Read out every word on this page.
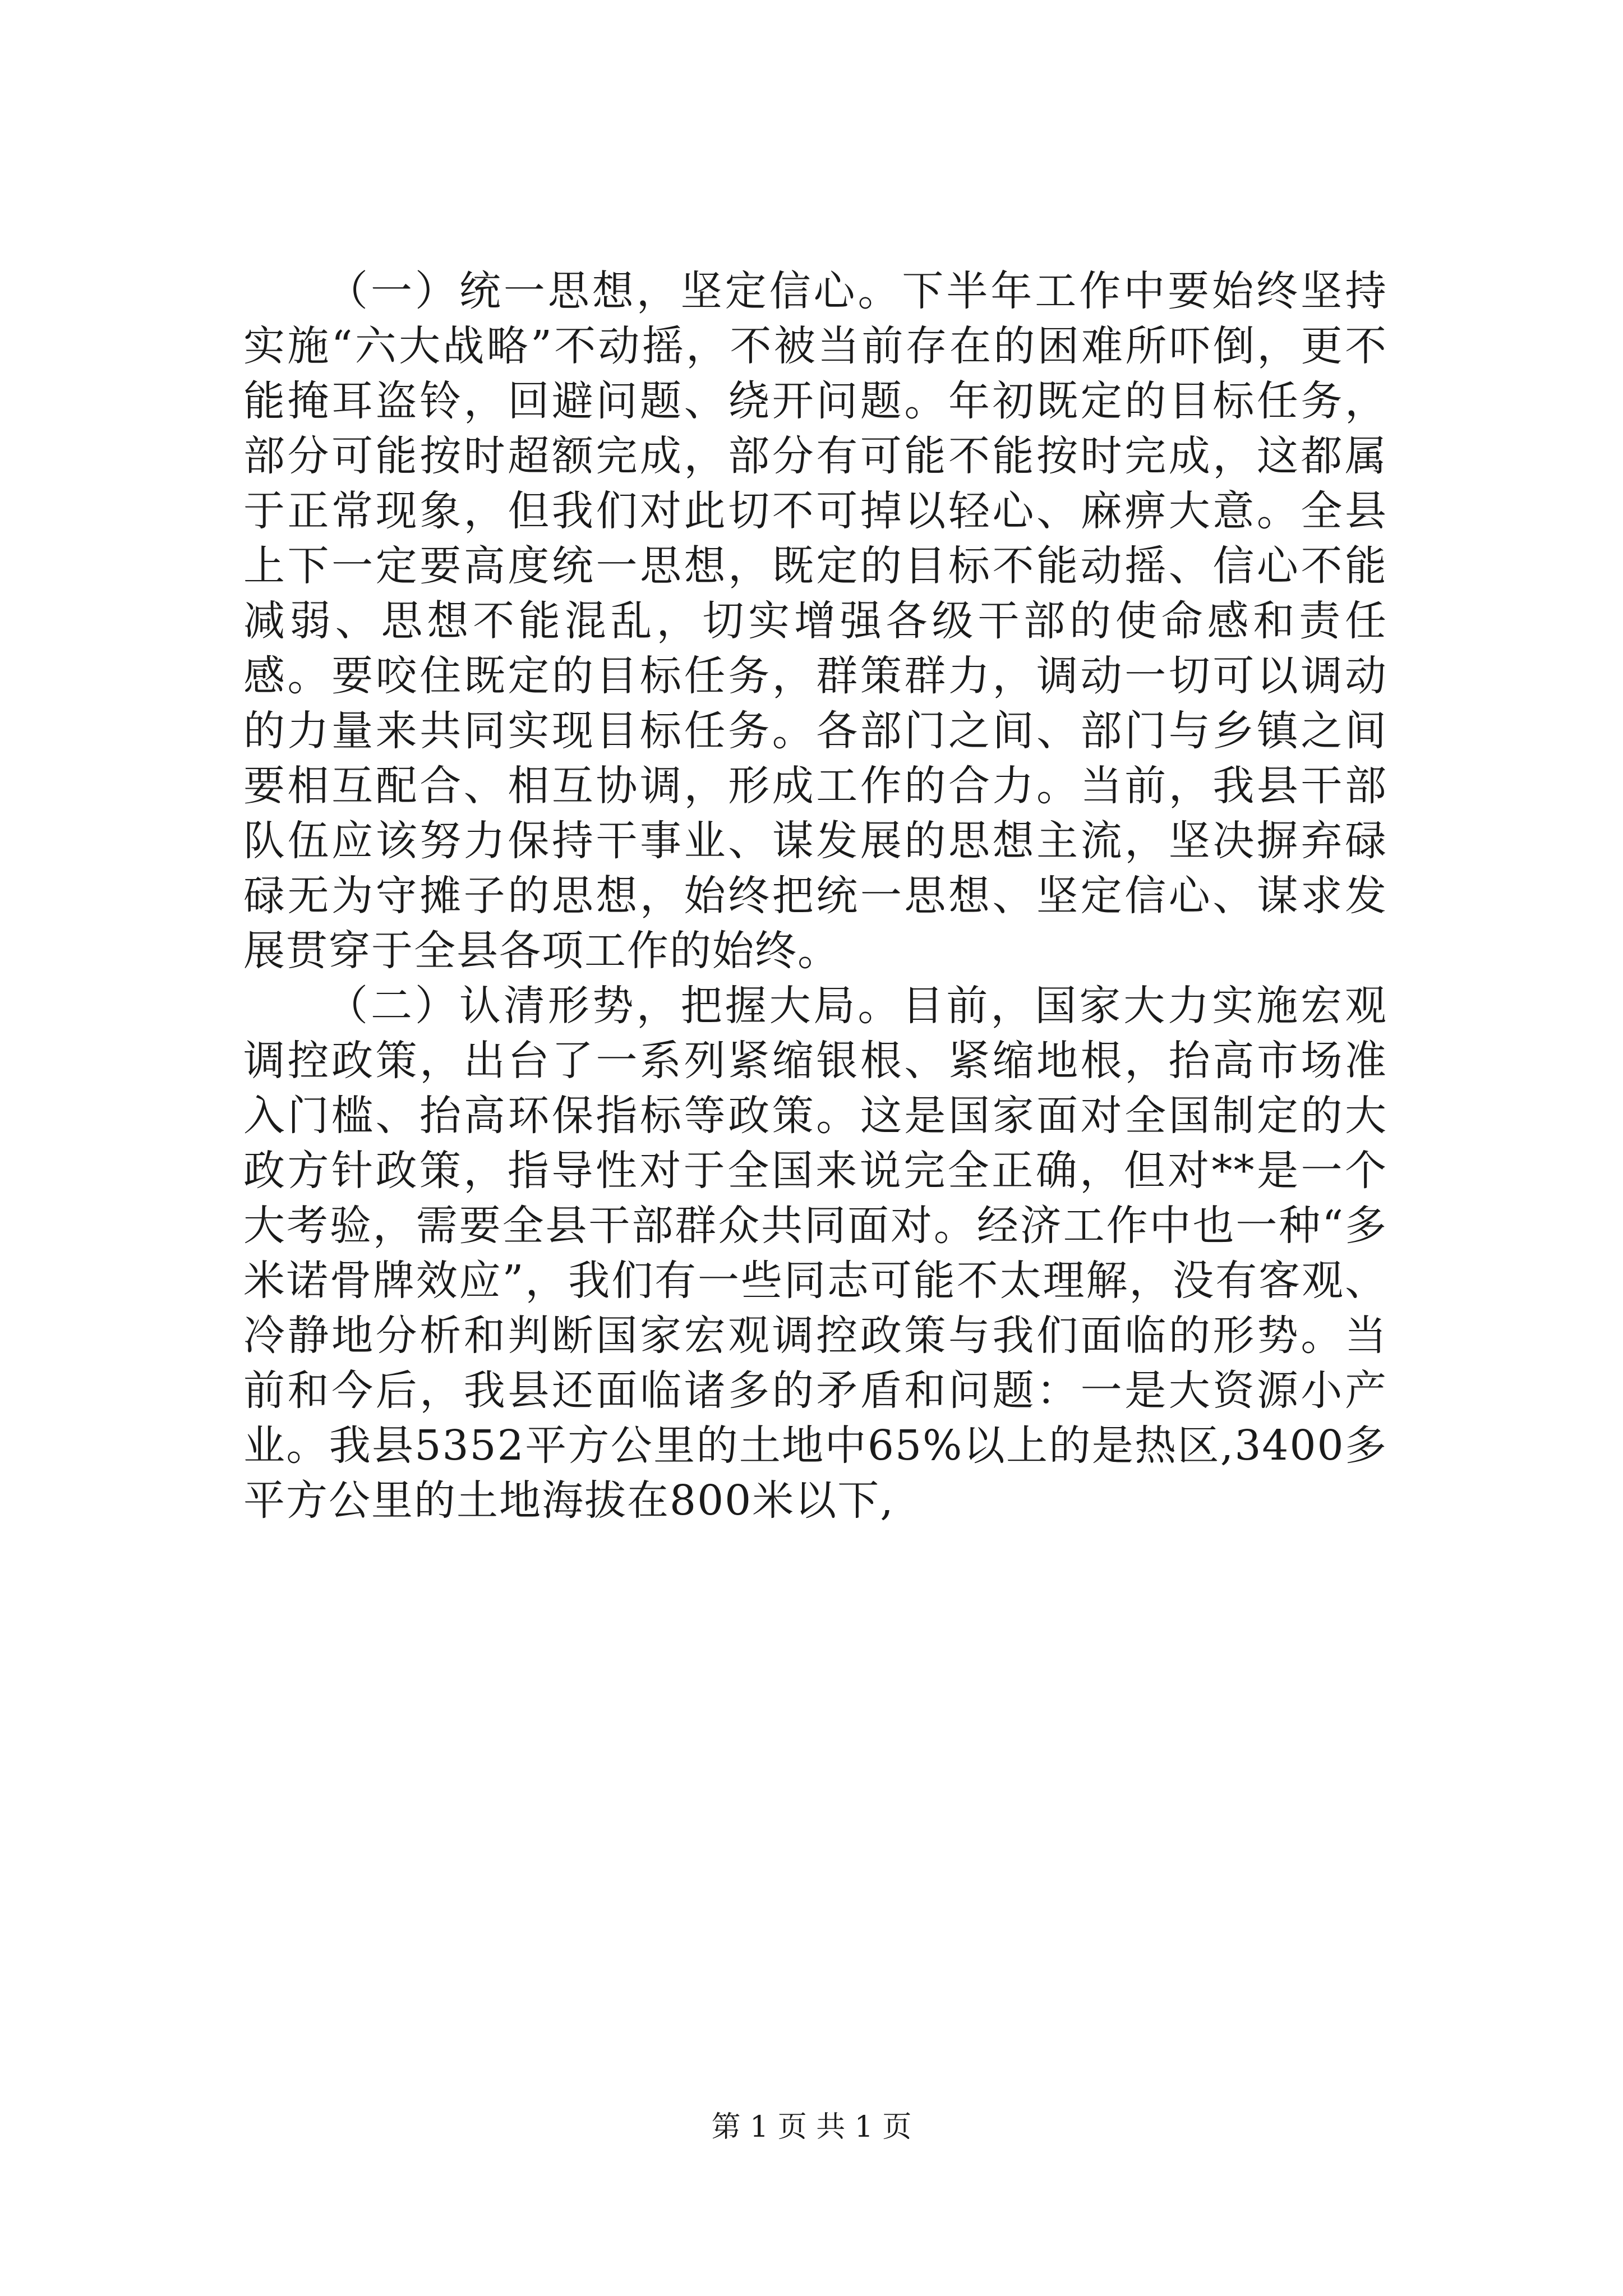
（一）统一思想，坚定信心。下半年工作中要始终坚持实施“六大战略”不动摇，不被当前存在的困难所吓倒，更不能掩耳盗铃，回避问题、绕开问题。年初既定的目标任务，部分可能按时超额完成，部分有可能不能按时完成，这都属于正常现象，但我们对此切不可掉以轻心、麻痹大意。全县上下一定要高度统一思想，既定的目标不能动摇、信心不能减弱、思想不能混乱，切实增强各级干部的使命感和责任感。要咬住既定的目标任务，群策群力，调动一切可以调动的力量来共同实现目标任务。各部门之间、部门与乡镇之间要相互配合、相互协调，形成工作的合力。当前，我县干部队伍应该努力保持干事业、谋发展的思想主流，坚决摒弃碌碌无为守摊子的思想，始终把统一思想、坚定信心、谋求发展贯穿于全县各项工作的始终。

（二）认清形势，把握大局。目前，国家大力实施宏观调控政策，出台了一系列紧缩银根、紧缩地根，抬高市场准入门槛、抬高环保指标等政策。这是国家面对全国制定的大政方针政策，指导性对于全国来说完全正确，但对**是一个大考验，需要全县干部群众共同面对。经济工作中也一种“多米诺骨牌效应”，我们有一些同志可能不太理解，没有客观、冷静地分析和判断国家宏观调控政策与我们面临的形势。当前和今后，我县还面临诸多的矛盾和问题：一是大资源小产业。我县5352平方公里的土地中65%以上的是热区,3400多平方公里的土地海拔在800米以下,

第 1 页 共 1 页
